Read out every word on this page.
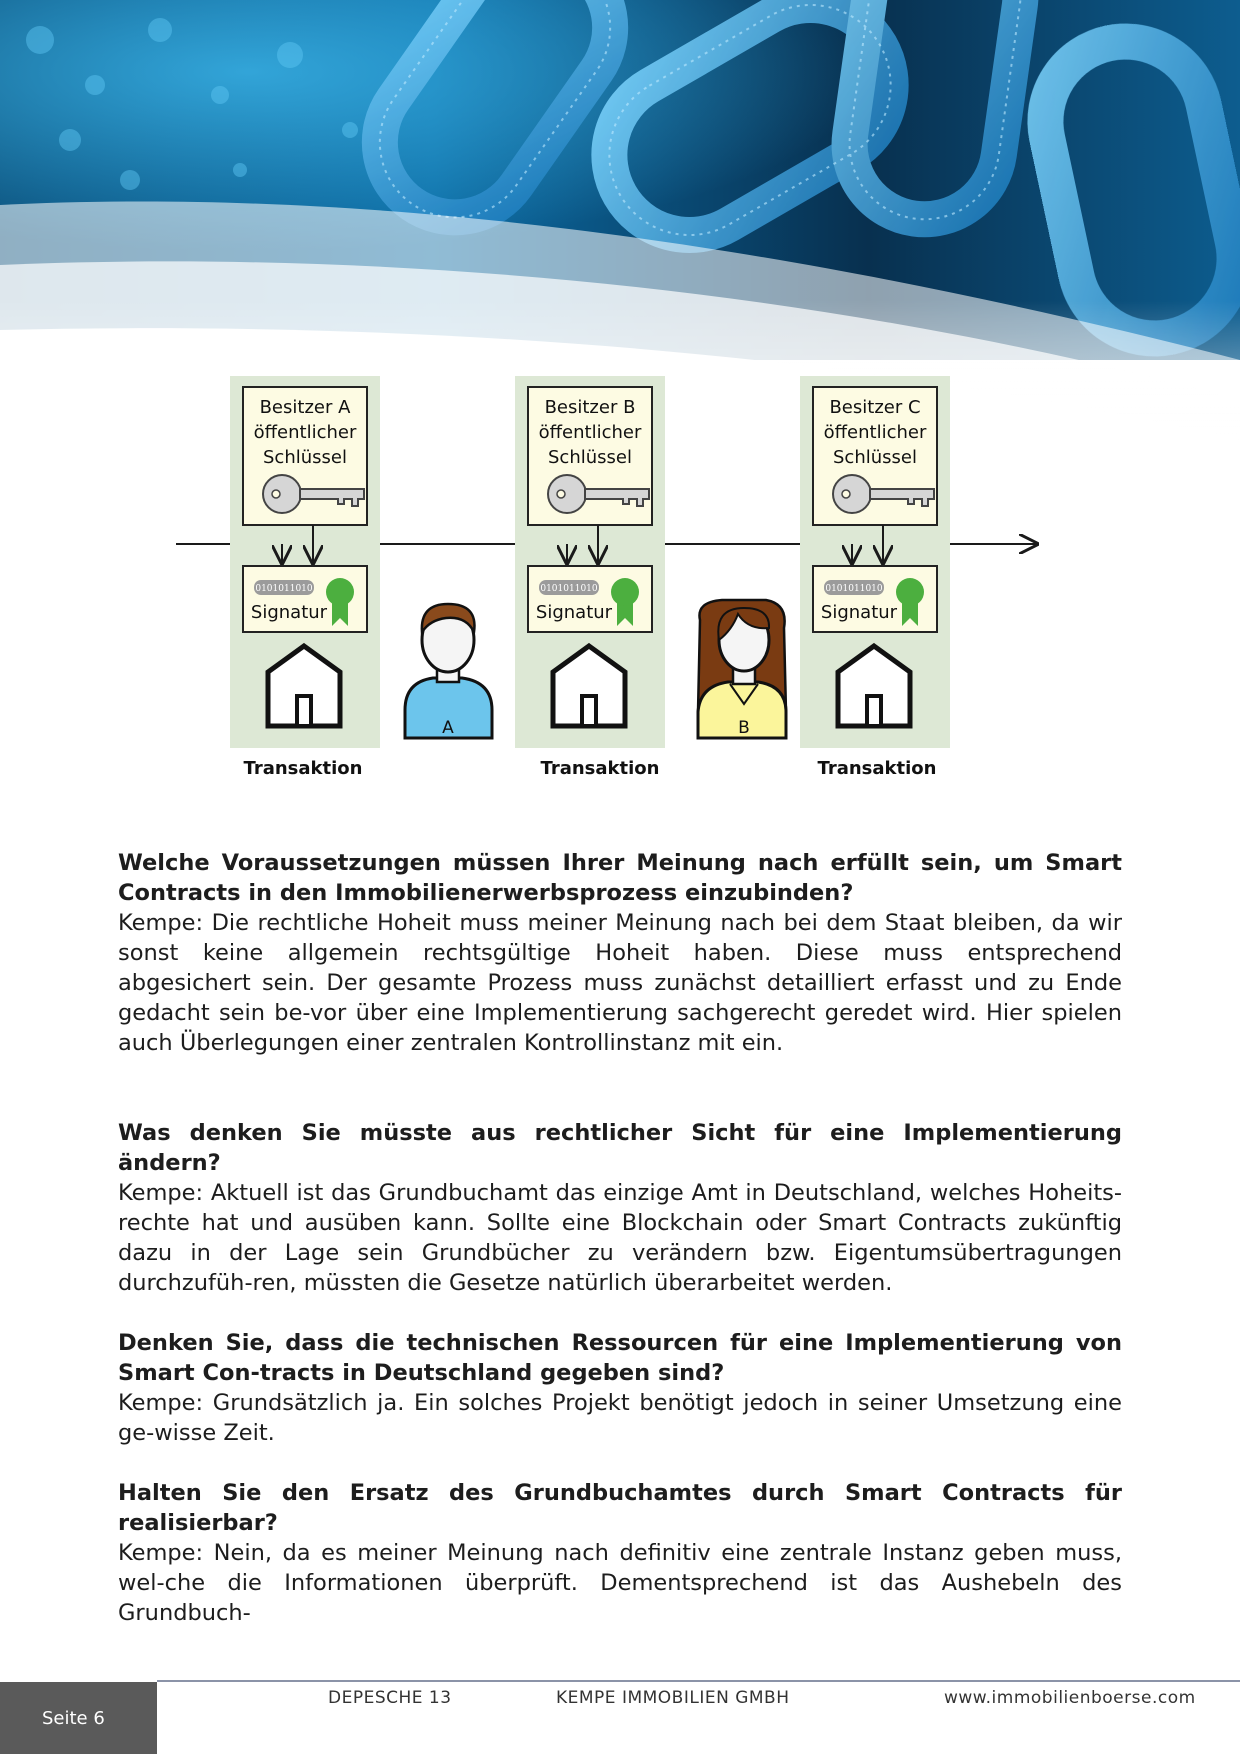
Besitzer A
öffentlicher
Schlüssel
0101011010
Signatur
Transaktion
A
Besitzer B
öffentlicher
Schlüssel
0101011010
Signatur
Transaktion
B
Besitzer C
öffentlicher
Schlüssel
0101011010
Signatur
Transaktion

Welche Voraussetzungen müssen Ihrer Meinung nach erfüllt sein, um Smart Contracts in den Immobilienerwerbsprozess einzubinden?

Kempe: Die rechtliche Hoheit muss meiner Meinung nach bei dem Staat bleiben, da wir sonst keine allgemein rechtsgültige Hoheit haben. Diese muss entsprechend abgesichert sein. Der gesamte Prozess muss zunächst detailliert erfasst und zu Ende gedacht sein be-vor über eine Implementierung sachgerecht geredet wird. Hier spielen auch Überlegungen einer zentralen Kontrollinstanz mit ein.

Was denken Sie müsste aus rechtlicher Sicht für eine Implementierung ändern?

Kempe: Aktuell ist das Grundbuchamt das einzige Amt in Deutschland, welches Hoheits-rechte hat und ausüben kann. Sollte eine Blockchain oder Smart Contracts zukünftig dazu in der Lage sein Grundbücher zu verändern bzw. Eigentumsübertragungen durchzufüh-ren, müssten die Gesetze natürlich überarbeitet werden.

Denken Sie, dass die technischen Ressourcen für eine Implementierung von Smart Con-tracts in Deutschland gegeben sind?

Kempe: Grundsätzlich ja. Ein solches Projekt benötigt jedoch in seiner Umsetzung eine ge-wisse Zeit.

Halten Sie den Ersatz des Grundbuchamtes durch Smart Contracts für realisierbar?

Kempe: Nein, da es meiner Meinung nach definitiv eine zentrale Instanz geben muss, wel-che die Informationen überprüft. Dementsprechend ist das Aushebeln des Grundbuch-

Seite 6
DEPESCHE 13	KEMPE IMMOBILIEN GMBH	www.immobilienboerse.com
